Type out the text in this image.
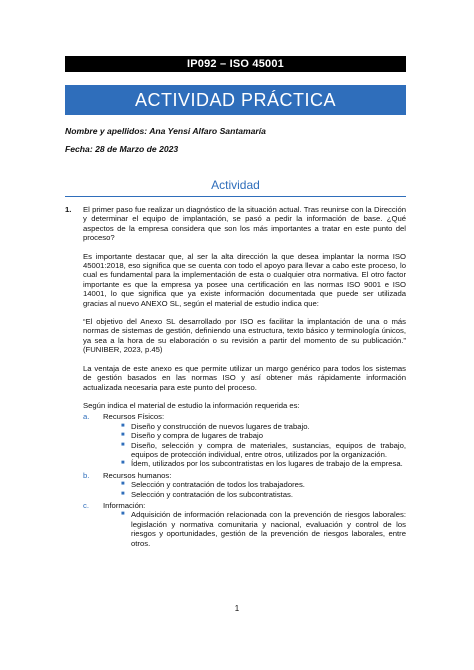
IP092 – ISO 45001
ACTIVIDAD PRÁCTICA
Nombre y apellidos: Ana Yensi Alfaro Santamaría
Fecha: 28 de Marzo de 2023
Actividad
1.	El primer paso fue realizar un diagnóstico de la situación actual. Tras reunirse con la Dirección y determinar el equipo de implantación, se pasó a pedir la información de base. ¿Qué aspectos de la empresa considera que son los más importantes a tratar en este punto del proceso?

Es importante destacar que, al ser la alta dirección la que desea implantar la norma ISO 45001:2018, eso significa que se cuenta con todo el apoyo para llevar a cabo este proceso, lo cual es fundamental para la implementación de esta o cualquier otra normativa. El otro factor importante es que la empresa ya posee una certificación en las normas ISO 9001 e ISO 14001, lo que significa que ya existe información documentada que puede ser utilizada gracias al nuevo ANEXO SL, según el material de estudio indica que:

“El objetivo del Anexo SL desarrollado por ISO es facilitar la implantación de una o más normas de sistemas de gestión, definiendo una estructura, texto básico y terminología únicos, ya sea a la hora de su elaboración o su revisión a partir del momento de su publicación.” (FUNIBER, 2023, p.45)

La ventaja de este anexo es que permite utilizar un margo genérico para todos los sistemas de gestión basados en las normas ISO y así obtener más rápidamente información actualizada necesaria para este punto del proceso.

Según indica el material de estudio la información requerida es:

a.	Recursos Físicos:
■ Diseño y construcción de nuevos lugares de trabajo.
■ Diseño y compra de lugares de trabajo
■ Diseño, selección y compra de materiales, sustancias, equipos de trabajo, equipos de protección individual, entre otros, utilizados por la organización.
■ Ídem, utilizados por los subcontratistas en los lugares de trabajo de la empresa.
b.	Recursos humanos:
■ Selección y contratación de todos los trabajadores.
■ Selección y contratación de los subcontratistas.
c.	Información:
■ Adquisición de información relacionada con la prevención de riesgos laborales: legislación y normativa comunitaria y nacional, evaluación y control de los riesgos y oportunidades, gestión de la prevención de riesgos laborales, entre otros.
1
